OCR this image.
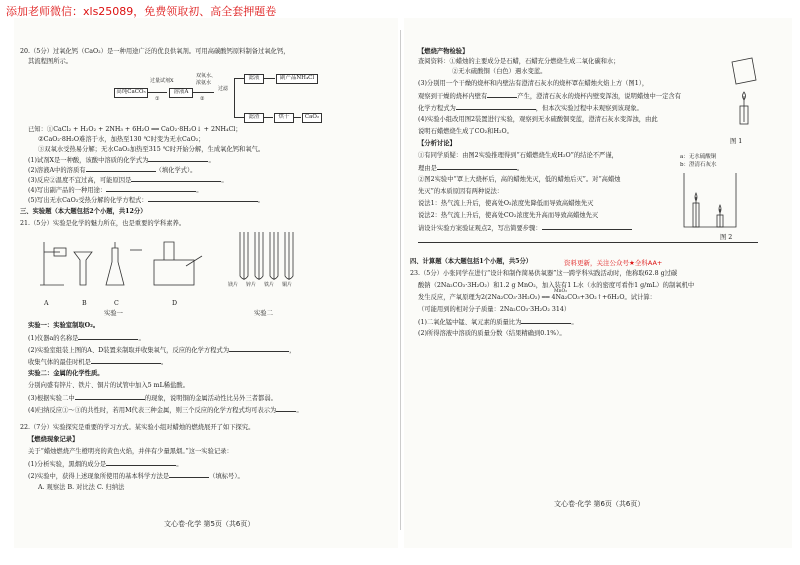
添加老师微信：xls25089，免费领取初、高全套押题卷
20.（5分）过氧化钙（CaO₂）是一种用途广泛的优良供氧剂。可用高碳酸钙原料制备过氧化钙，
其流程图所示。
高纯CaCO₃
过量试剂X
①
溶液A
双氧水、浓氨水
②
过滤
滤液	副产品NH₄Cl
滤渣	烘干	CaO₂
已知：①CaCl₂ + H₂O₂ + 2NH₃ + 6H₂O ══ CaO₂·8H₂O↓ + 2NH₄Cl；
②CaO₂·8H₂O难溶于水，加热至130 ℃时变为无水CaO₂；
③双氧水受热易分解；无水CaO₂加热至315 ℃时开始分解，生成氧化钙和氧气。
(1)试剂X是一种酸，该酸中溶质的化学式为	。
(2)溶液A中的溶质有	（填化学式）。
(3)反应②温度不宜过高，可能原因是	。
(4)写出副产品的一种用途：	。
(5)写出无水CaO₂受热分解的化学方程式：	。
三、实验题（本大题包括2个小题，共12分）
21.（5分）实验是化学的魅力所在，也是重要的学科素养。
A	B	C	D
实验一	实验二
镁片 锌片 铁片 铜片
实验一：实验室制取O₂。
(1)仪器a的名称是	。
(2)实验室组装上图的A、D装置来制取并收集氧气，反应的化学方程式为	，
收集气体的最佳时机是	。
实验二：金属的化学性质。
分别向盛有锌片、铁片、铜片的试管中加入5 mL稀盐酸。
(3)根据实验二中	的现象，说明铜的金属活动性比另外三者都弱。
(4)归纳反应①～③的共性时，若用M代表三种金属，则三个反应的化学方程式均可表示为	。
22.（7分）实验探究是重要的学习方式。某实验小组对蜡烛的燃烧展开了如下探究。
【燃烧现象记录】
关于“蜡烛燃烧产生橙明亮的黄色火焰，并伴有少量黑烟。”这一实验记录：
(1)分析实验，黑烟的成分是	。
(2)实验中，获得上述现象所使用的基本科学方法是	（填标号）。
A. 观察法 B. 对比法 C. 归纳法
文心卷·化学 第5页（共6页）
【燃烧产物检验】
查阅资料：①蜡烛的主要成分是石蜡，石蜡充分燃烧生成二氧化碳和水；
②无水硫酸铜（白色）遇水变蓝。
(3)分别用一个干燥的烧杯和内壁沾有澄清石灰水的烧杯罩在蜡烛火焰上方（图1），
观察到干燥的烧杯内壁有	产生，澄清石灰水的烧杯内壁变浑浊，说明蜡烛中一定含有
化学方程式为	，但本次实验过程中未观察到该现象。
(4)实验小组改用图2装置进行实验，观察到无水硫酸铜变蓝，澄清石灰水变浑浊，由此
说明石蜡燃烧生成了CO₂和H₂O。
【分析讨论】
①有同学质疑：由图2实验推理得到“石蜡燃烧生成H₂O”的结论不严谨，
理由是	。
②图2实验中“罩上大烧杯后，高的蜡烛先灭，低的蜡烛后灭”。对“高蜡烛
先灭”的本质原因有两种说法：
说法1：热气流上升后，使高处O₂浓度先降低而导致高蜡烛先灭
说法2：热气流上升后，使高处CO₂浓度先升高而导致高蜡烛先灭
请设计实验方案验证观点2，写出简要步骤：
图 1
a：无水硫酸铜
b：澄清石灰水
图 2
四、计算题（本大题包括1个小题，共5分）	资料更新，关注公众号★全科AA+
23.（5分）小张同学在进行“设计和制作简易供氧器”这一跨学科实践活动时，他称取62.8 g过碳
酸钠（2Na₂CO₃·3H₂O₂）和1.2 g MnO₂，加入装有1 L水（水的密度可看作1 g/mL）的制氧机中
发生反应，产氧原理为2(2Na₂CO₃·3H₂O₂) ══ 4Na₂CO₃+3O₂↑+6H₂O。试计算：
MnO₂
（可能用到的相对分子质量：2Na₂CO₃·3H₂O₂ 314）
(1)二氧化锰中锰、氧元素的质量比为	。
(2)所得溶液中溶质的质量分数（结果精确到0.1%）。
文心卷·化学 第6页（共6页）
